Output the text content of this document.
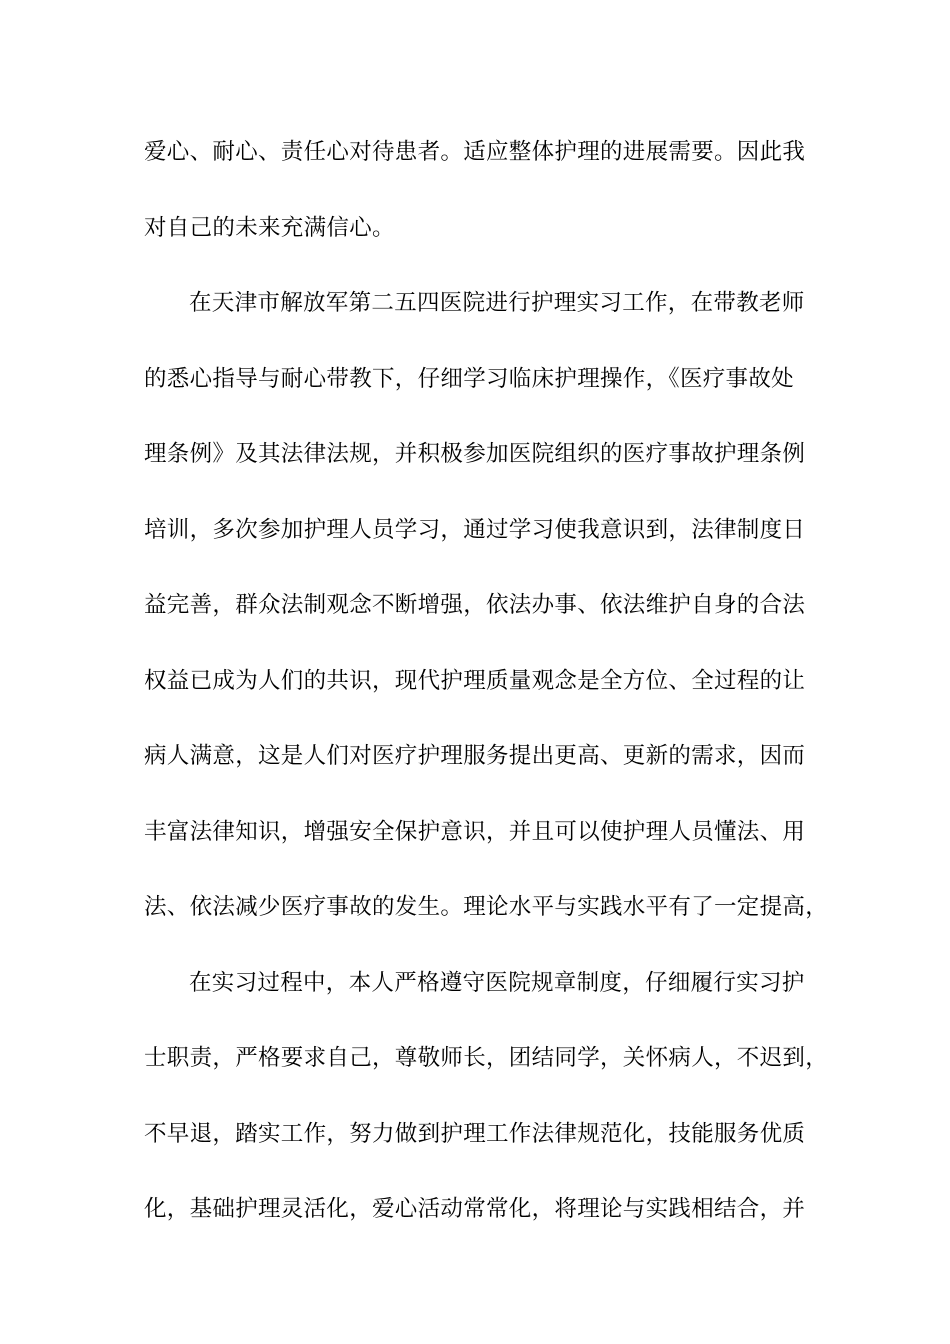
爱心、耐心、责任心对待患者。适应整体护理的进展需要。因此我
对自己的未来充满信心。
在天津市解放军第二五四医院进行护理实习工作，在带教老师
的悉心指导与耐心带教下，仔细学习临床护理操作，《医疗事故处
理条例》及其法律法规，并积极参加医院组织的医疗事故护理条例
培训，多次参加护理人员学习，通过学习使我意识到，法律制度日
益完善，群众法制观念不断增强，依法办事、依法维护自身的合法
权益已成为人们的共识，现代护理质量观念是全方位、全过程的让
病人满意，这是人们对医疗护理服务提出更高、更新的需求，因而
丰富法律知识，增强安全保护意识，并且可以使护理人员懂法、用
法、依法减少医疗事故的发生。理论水平与实践水平有了一定提高，
在实习过程中，本人严格遵守医院规章制度，仔细履行实习护
士职责，严格要求自己，尊敬师长，团结同学，关怀病人，不迟到，
不早退，踏实工作，努力做到护理工作法律规范化，技能服务优质
化，基础护理灵活化，爱心活动常常化，将理论与实践相结合，并
